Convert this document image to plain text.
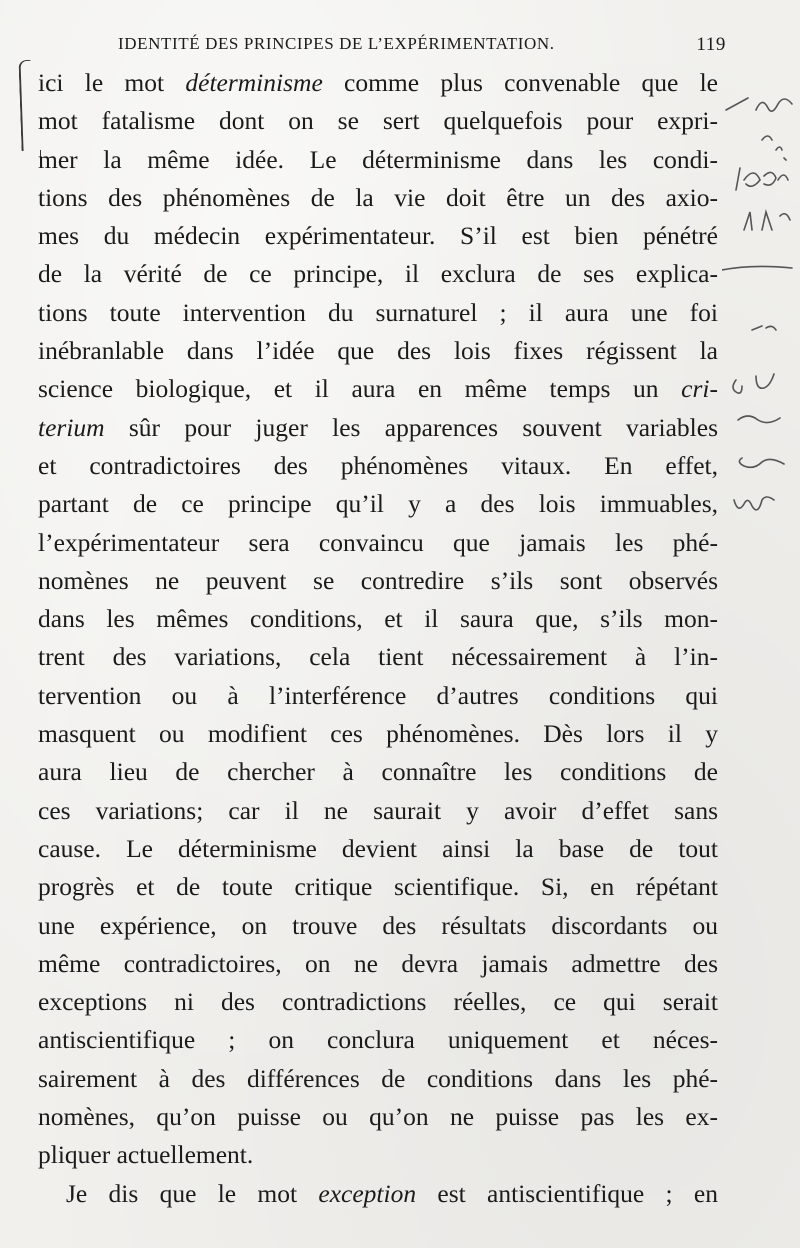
IDENTITÉ DES PRINCIPES DE L’EXPÉRIMENTATION.	119
ici le mot déterminisme comme plus convenable que le
mot fatalisme dont on se sert quelquefois pour expri-
mer la même idée. Le déterminisme dans les condi-
tions des phénomènes de la vie doit être un des axio-
mes du médecin expérimentateur. S’il est bien pénétré
de la vérité de ce principe, il exclura de ses explica-
tions toute intervention du surnaturel ; il aura une foi
inébranlable dans l’idée que des lois fixes régissent la
science biologique, et il aura en même temps un cri-
terium sûr pour juger les apparences souvent variables
et contradictoires des phénomènes vitaux. En effet,
partant de ce principe qu’il y a des lois immuables,
l’expérimentateur sera convaincu que jamais les phé-
nomènes ne peuvent se contredire s’ils sont observés
dans les mêmes conditions, et il saura que, s’ils mon-
trent des variations, cela tient nécessairement à l’in-
tervention ou à l’interférence d’autres conditions qui
masquent ou modifient ces phénomènes. Dès lors il y
aura lieu de chercher à connaître les conditions de
ces variations; car il ne saurait y avoir d’effet sans
cause. Le déterminisme devient ainsi la base de tout
progrès et de toute critique scientifique. Si, en répétant
une expérience, on trouve des résultats discordants ou
même contradictoires, on ne devra jamais admettre des
exceptions ni des contradictions réelles, ce qui serait
antiscientifique ; on conclura uniquement et néces-
sairement à des différences de conditions dans les phé-
nomènes, qu’on puisse ou qu’on ne puisse pas les ex-
pliquer actuellement.
Je dis que le mot exception est antiscientifique ; en
